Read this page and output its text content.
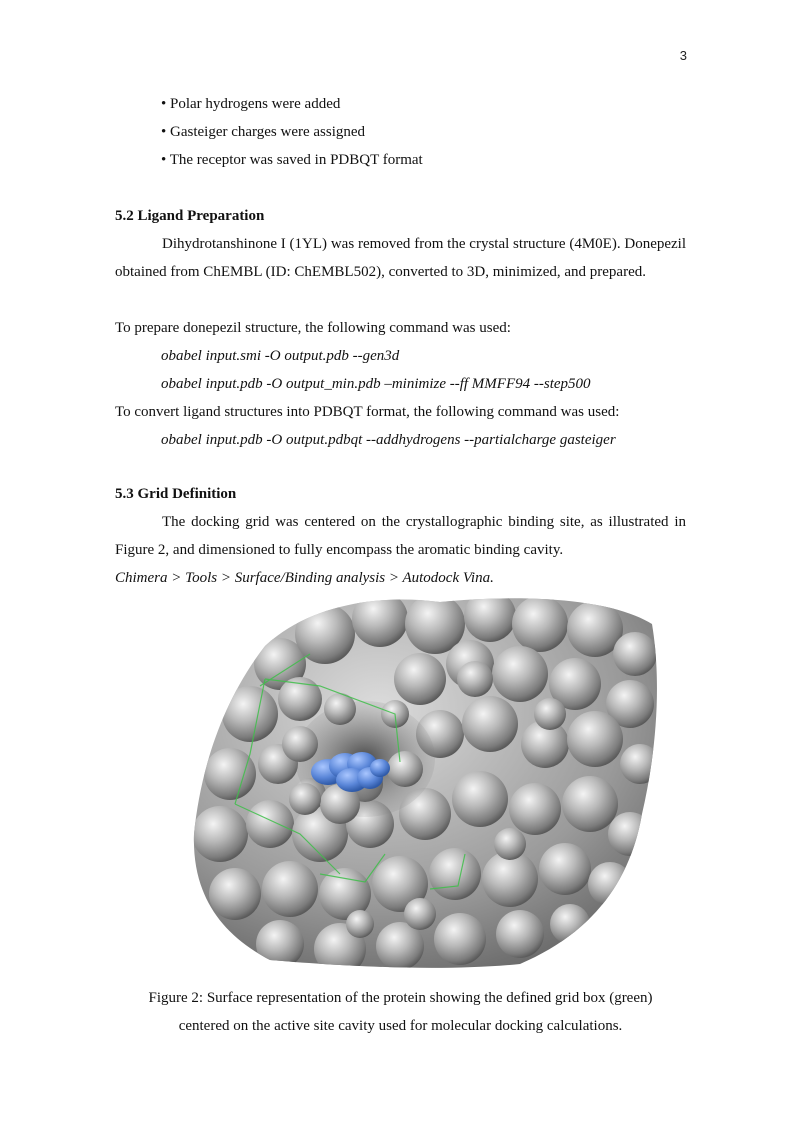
3

• Polar hydrogens were added

• Gasteiger charges were assigned

• The receptor was saved in PDBQT format

5.2 Ligand Preparation

Dihydrotanshinone I (1YL) was removed from the crystal structure (4M0E). Donepezil obtained from ChEMBL (ID: ChEMBL502), converted to 3D, minimized, and prepared.

To prepare donepezil structure, the following command was used:

obabel input.smi -O output.pdb --gen3d

obabel input.pdb -O output_min.pdb –minimize --ff MMFF94 --step500

To convert ligand structures into PDBQT format, the following command was used:

obabel input.pdb -O output.pdbqt --addhydrogens --partialcharge gasteiger

5.3 Grid Definition

The docking grid was centered on the crystallographic binding site, as illustrated in Figure 2, and dimensioned to fully encompass the aromatic binding cavity.

Chimera > Tools > Surface/Binding analysis > Autodock Vina.

Figure 2: Surface representation of the protein showing the defined grid box (green)
centered on the active site cavity used for molecular docking calculations.
